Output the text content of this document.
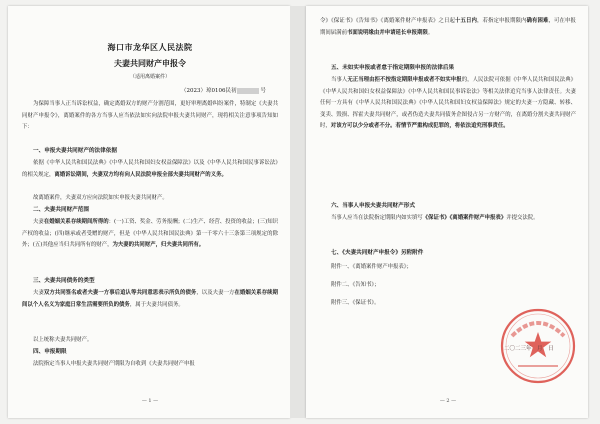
海口市龙华区人民法院
夫妻共同财产申报令
（适用离婚案件）
（2023）琼0106民初	号
为保障当事人正当诉讼权益，确定离婚双方的财产分割范围，更好审理离婚纠纷案件，特制定《夫妻共同财产申报令》，离婚案件的各方当事人应当依法如实向法院申报夫妻共同财产，现将相关注意事项告知如下：
一、申报夫妻共同财产的法律依据
依据《中华人民共和国民法典》《中华人民共和国妇女权益保障法》以及《中华人民共和国民事诉讼法》的相关规定，离婚诉讼期间，夫妻双方均有向人民法院申报全部夫妻共同财产的义务。
故离婚案件，夫妻双方应向法院如实申报夫妻共同财产。
二、夫妻共同财产范围
夫妻在婚姻关系存续期间所得的：(一)工资、奖金、劳务报酬；(二)生产、经营、投资的收益；(三)知识产权的收益；(四)继承或者受赠的财产，但是《中华人民共和国民法典》第一千零六十三条第三项规定的除外；(五)其他应当归共同所有的财产，为夫妻的共同财产，归夫妻共同所有。
三、夫妻共同债务的类型
夫妻双方共同签名或者夫妻一方事后追认等共同意思表示所负的债务，以及夫妻一方在婚姻关系存续期间以个人名义为家庭日常生活需要所负的债务，属于夫妻共同债务。
以上统称夫妻共同财产。
四、申报期限
法院指定当事人申报夫妻共同财产期限为自收到《夫妻共同财产申报
— 1 —
令》《保证书》《告知书》《离婚案件财产申报表》之日起十五日内，若指定申报期限内确有困难，可在申报期间届满前书面说明缘由并申请延长申报期限。
五、未如实申报或者怠于指定期限申报的法律后果
当事人无正当理由拒不按指定期限申报或者不如实申报的，人民法院可依据《中华人民共和国民法典》《中华人民共和国妇女权益保障法》《中华人民共和国民事诉讼法》等相关法律追究当事人法律责任。夫妻任何一方具有《中华人民共和国民法典》《中华人民共和国妇女权益保障法》规定的夫妻一方隐藏、转移、变卖、毁损、挥霍夫妻共同财产，或者伪造夫妻共同债务企图侵占另一方财产的，在离婚分割夫妻共同财产时，对该方可以少分或者不分。若情节严重构成犯罪的，将依法追究刑事责任。
六、当事人申报夫妻共同财产形式
当事人应当在法院指定期限内如实填写《保证书》《离婚案件财产申报表》并提交法院。
七、《夫妻共同财产申报令》另附附件
附件一、《离婚案件财产申报表》；
附件二、《告知书》；
附件三、《保证书》。
二〇二三年　月　日
— 2 —
